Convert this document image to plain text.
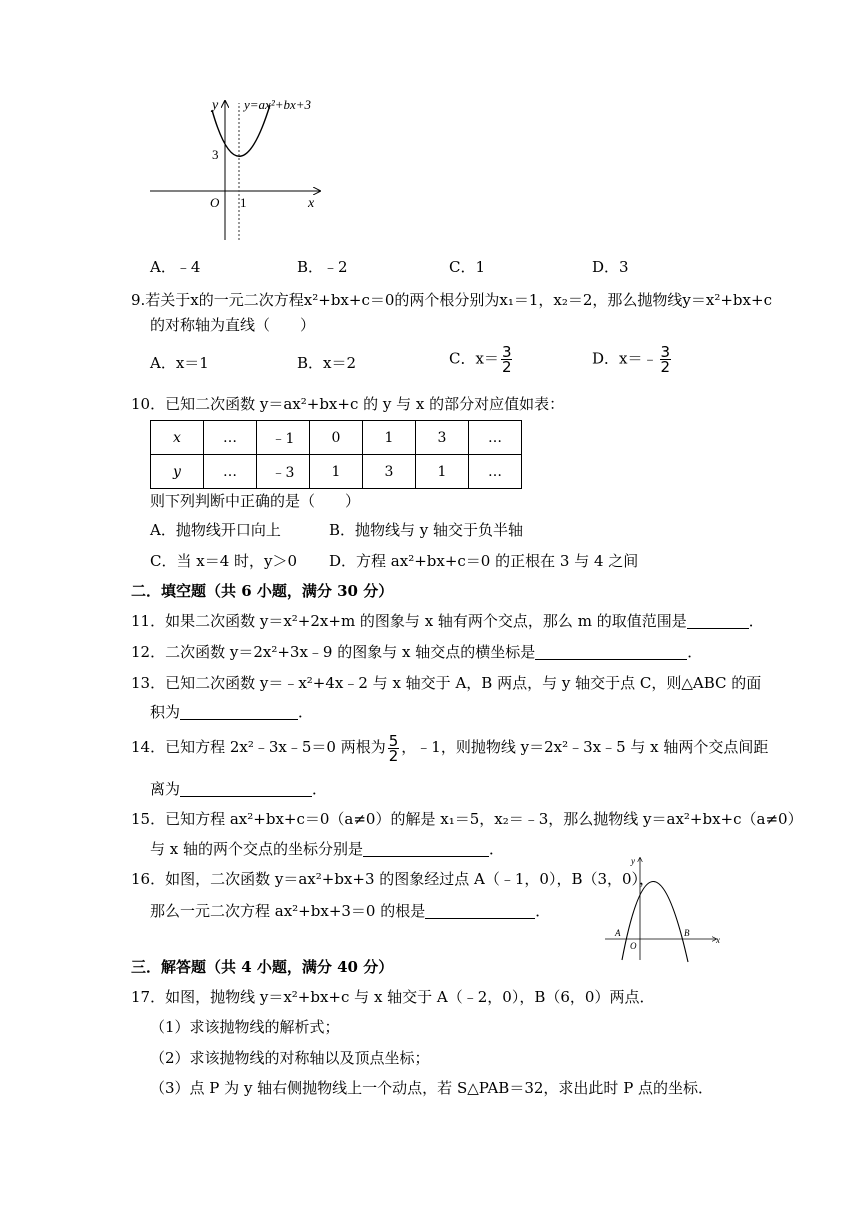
y y=ax²+bx+3
3
O 1	x
A．﹣4	B．﹣2	C．1	D．3
9.若关于x的一元二次方程x²+bx+c＝0的两个根分别为x₁＝1，x₂＝2，那么抛物线y＝x²+bx+c
的对称轴为直线（　　）
A．x＝1	B．x＝2	C．$x= \frac{3}{2}$	D．x＝﹣ $\frac{3}{2}$
10．已知二次函数 y＝ax²+bx+c 的 y 与 x 的部分对应值如表：
x	…	﹣1	0	1	3	…
y	…	﹣3	1	3	1	…
则下列判断中正确的是（　　）
A．抛物线开口向上	B．抛物线与 y 轴交于负半轴
C．当 x＝4 时，y＞0 D．方程 ax²+bx+c＝0 的正根在 3 与 4 之间
二．填空题（共 6 小题，满分 30 分）
11．如果二次函数 y＝x²+2x+m 的图象与 x 轴有两个交点，那么 m 的取值范围是	．
12．二次函数 y＝2x²+3x﹣9 的图象与 x 轴交点的横坐标是	．
13．已知二次函数 y＝﹣x²+4x﹣2 与 x 轴交于 A，B 两点，与 y 轴交于点 C，则△ABC 的面
积为	．
14．已知方程 2x²﹣3x﹣5＝0 两根为 $\frac{5}{2}$ ，﹣1，则抛物线 y＝2x²﹣3x﹣5 与 x 轴两个交点间距
离为	．
15．已知方程 ax²+bx+c＝0（a≠0）的解是 x₁＝5，x₂＝﹣3，那么抛物线 y＝ax²+bx+c（a≠0）
与 x 轴的两个交点的坐标分别是	．
16．如图，二次函数 y＝ax²+bx+3 的图象经过点 A（﹣1，0），B（3，0），
那么一元二次方程 ax²+bx+3＝0 的根是	．
y
A
O
B
x
三．解答题（共 4 小题，满分 40 分）
17．如图，抛物线 y＝x²+bx+c 与 x 轴交于 A（﹣2，0），B（6，0）两点．
（1）求该抛物线的解析式；
（2）求该抛物线的对称轴以及顶点坐标；
（3）点 P 为 y 轴右侧抛物线上一个动点，若 S△PAB＝32，求出此时 P 点的坐标．
